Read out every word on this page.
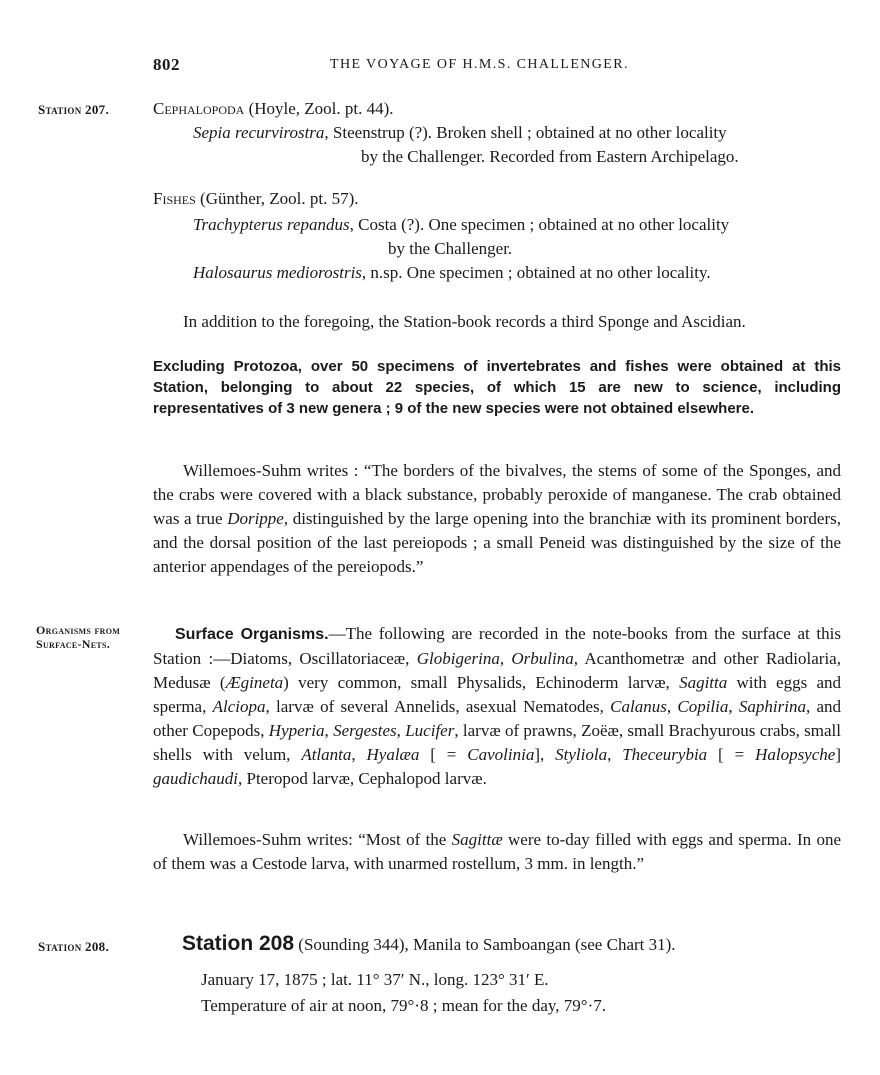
802	THE VOYAGE OF H.M.S. CHALLENGER.
Station 207.
Organisms from
Surface-Nets.
Station 208.
Cephalopoda (Hoyle, Zool. pt. 44).
Sepia recurvirostra, Steenstrup (?). Broken shell ; obtained at no other locality
by the Challenger. Recorded from Eastern Archipelago.
Fishes (Günther, Zool. pt. 57).
Trachypterus repandus, Costa (?). One specimen ; obtained at no other locality
by the Challenger.
Halosaurus mediorostris, n.sp. One specimen ; obtained at no other locality.
In addition to the foregoing, the Station-book records a third Sponge and Ascidian.
Excluding Protozoa, over 50 specimens of invertebrates and fishes were obtained at this Station, belonging to about 22 species, of which 15 are new to science, including representatives of 3 new genera ; 9 of the new species were not obtained elsewhere.
Willemoes-Suhm writes : “The borders of the bivalves, the stems of some of the Sponges, and the crabs were covered with a black substance, probably peroxide of manganese. The crab obtained was a true Dorippe, distinguished by the large opening into the branchiæ with its prominent borders, and the dorsal position of the last pereiopods ; a small Peneid was distinguished by the size of the anterior appendages of the pereiopods.”
Surface Organisms.—The following are recorded in the note-books from the surface at this Station :—Diatoms, Oscillatoriaceæ, Globigerina, Orbulina, Acanthometræ and other Radiolaria, Medusæ (Ægineta) very common, small Physalids, Echinoderm larvæ, Sagitta with eggs and sperma, Alciopa, larvæ of several Annelids, asexual Nematodes, Calanus, Copilia, Saphirina, and other Copepods, Hyperia, Sergestes, Lucifer, larvæ of prawns, Zoëæ, small Brachyurous crabs, small shells with velum, Atlanta, Hyalæa [ = Cavolinia], Styliola, Theceurybia [ = Halopsyche] gaudichaudi, Pteropod larvæ, Cephalopod larvæ.
Willemoes-Suhm writes: “Most of the Sagittæ were to-day filled with eggs and sperma. In one of them was a Cestode larva, with unarmed rostellum, 3 mm. in length.”
Station 208 (Sounding 344), Manila to Samboangan (see Chart 31).
January 17, 1875 ; lat. 11° 37′ N., long. 123° 31′ E.
Temperature of air at noon, 79°·8 ; mean for the day, 79°·7.
